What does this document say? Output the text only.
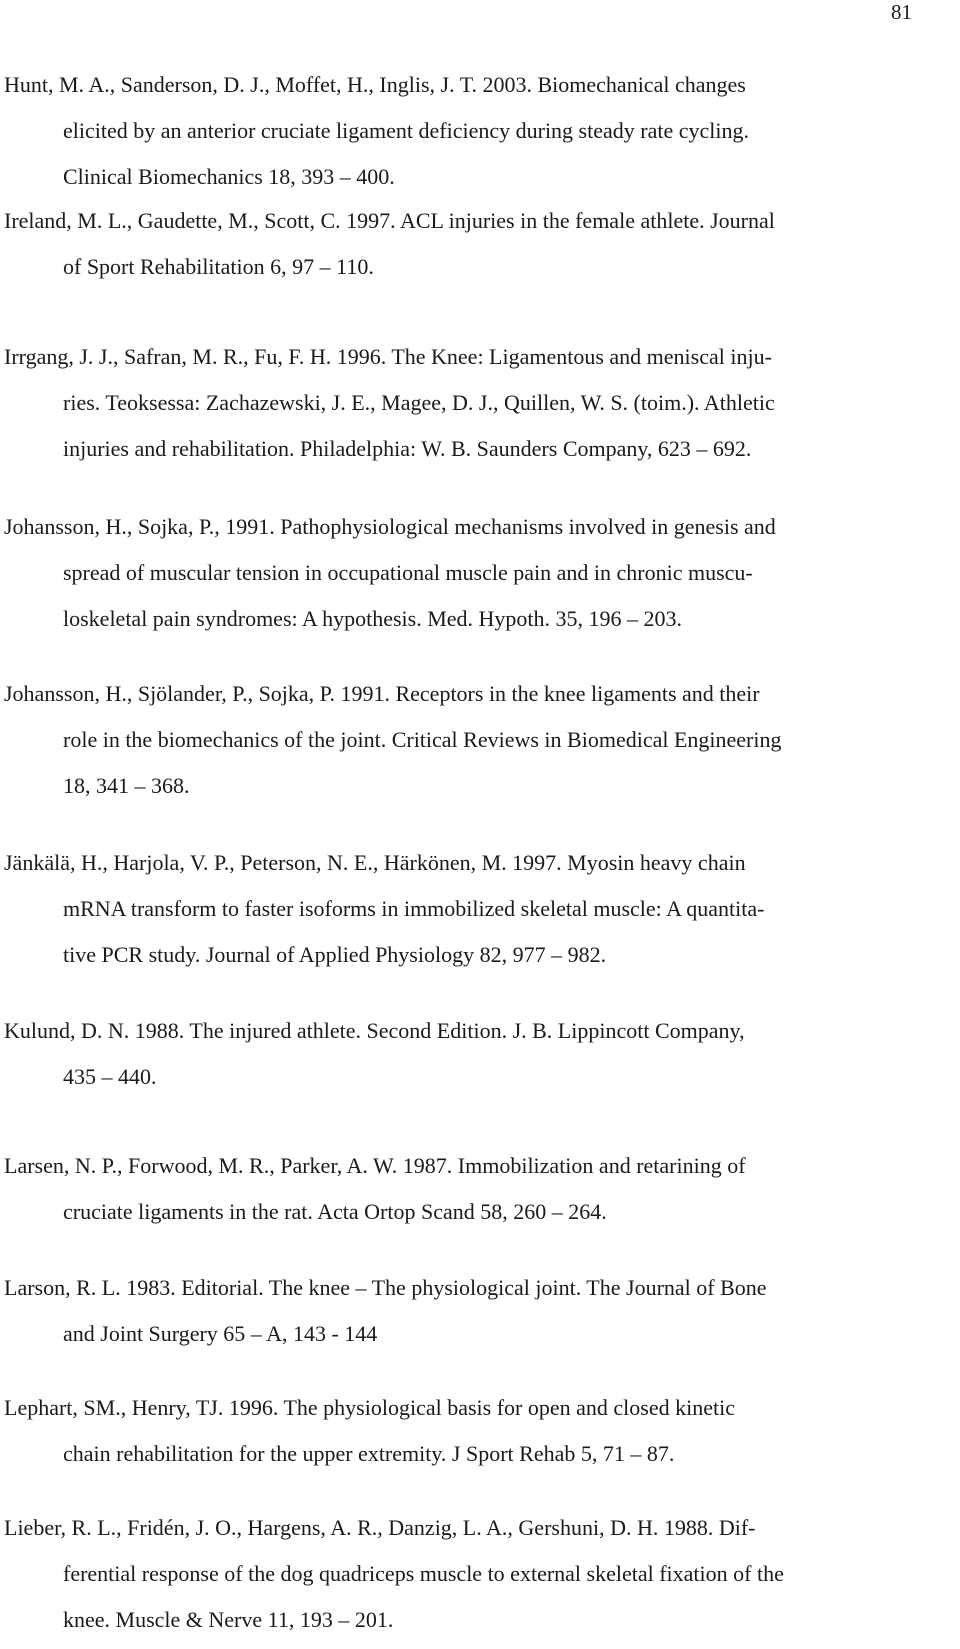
81
Hunt, M. A., Sanderson, D. J., Moffet, H., Inglis, J. T. 2003. Biomechanical changes
elicited by an anterior cruciate ligament deficiency during steady rate cycling.
Clinical Biomechanics 18, 393 – 400.
Ireland, M. L., Gaudette, M., Scott, C. 1997. ACL injuries in the female athlete. Journal
of Sport Rehabilitation 6, 97 – 110.
Irrgang, J. J., Safran, M. R., Fu, F. H. 1996. The Knee: Ligamentous and meniscal inju-
ries. Teoksessa: Zachazewski, J. E., Magee, D. J., Quillen, W. S. (toim.). Athletic
injuries and rehabilitation. Philadelphia: W. B. Saunders Company, 623 – 692.
Johansson, H., Sojka, P., 1991. Pathophysiological mechanisms involved in genesis and
spread of muscular tension in occupational muscle pain and in chronic muscu-
loskeletal pain syndromes: A hypothesis. Med. Hypoth. 35, 196 – 203.
Johansson, H., Sjölander, P., Sojka, P. 1991. Receptors in the knee ligaments and their
role in the biomechanics of the joint. Critical Reviews in Biomedical Engineering
18, 341 – 368.
Jänkälä, H., Harjola, V. P., Peterson, N. E., Härkönen, M. 1997. Myosin heavy chain
mRNA transform to faster isoforms in immobilized skeletal muscle: A quantita-
tive PCR study. Journal of Applied Physiology 82, 977 – 982.
Kulund, D. N. 1988. The injured athlete. Second Edition. J. B. Lippincott Company,
435 – 440.
Larsen, N. P., Forwood, M. R., Parker, A. W. 1987. Immobilization and retarining of
cruciate ligaments in the rat. Acta Ortop Scand 58, 260 – 264.
Larson, R. L. 1983. Editorial. The knee – The physiological joint. The Journal of Bone
and Joint Surgery 65 – A, 143 - 144
Lephart, SM., Henry, TJ. 1996. The physiological basis for open and closed kinetic
chain rehabilitation for the upper extremity. J Sport Rehab 5, 71 – 87.
Lieber, R. L., Fridén, J. O., Hargens, A. R., Danzig, L. A., Gershuni, D. H. 1988. Dif-
ferential response of the dog quadriceps muscle to external skeletal fixation of the
knee. Muscle & Nerve 11, 193 – 201.
